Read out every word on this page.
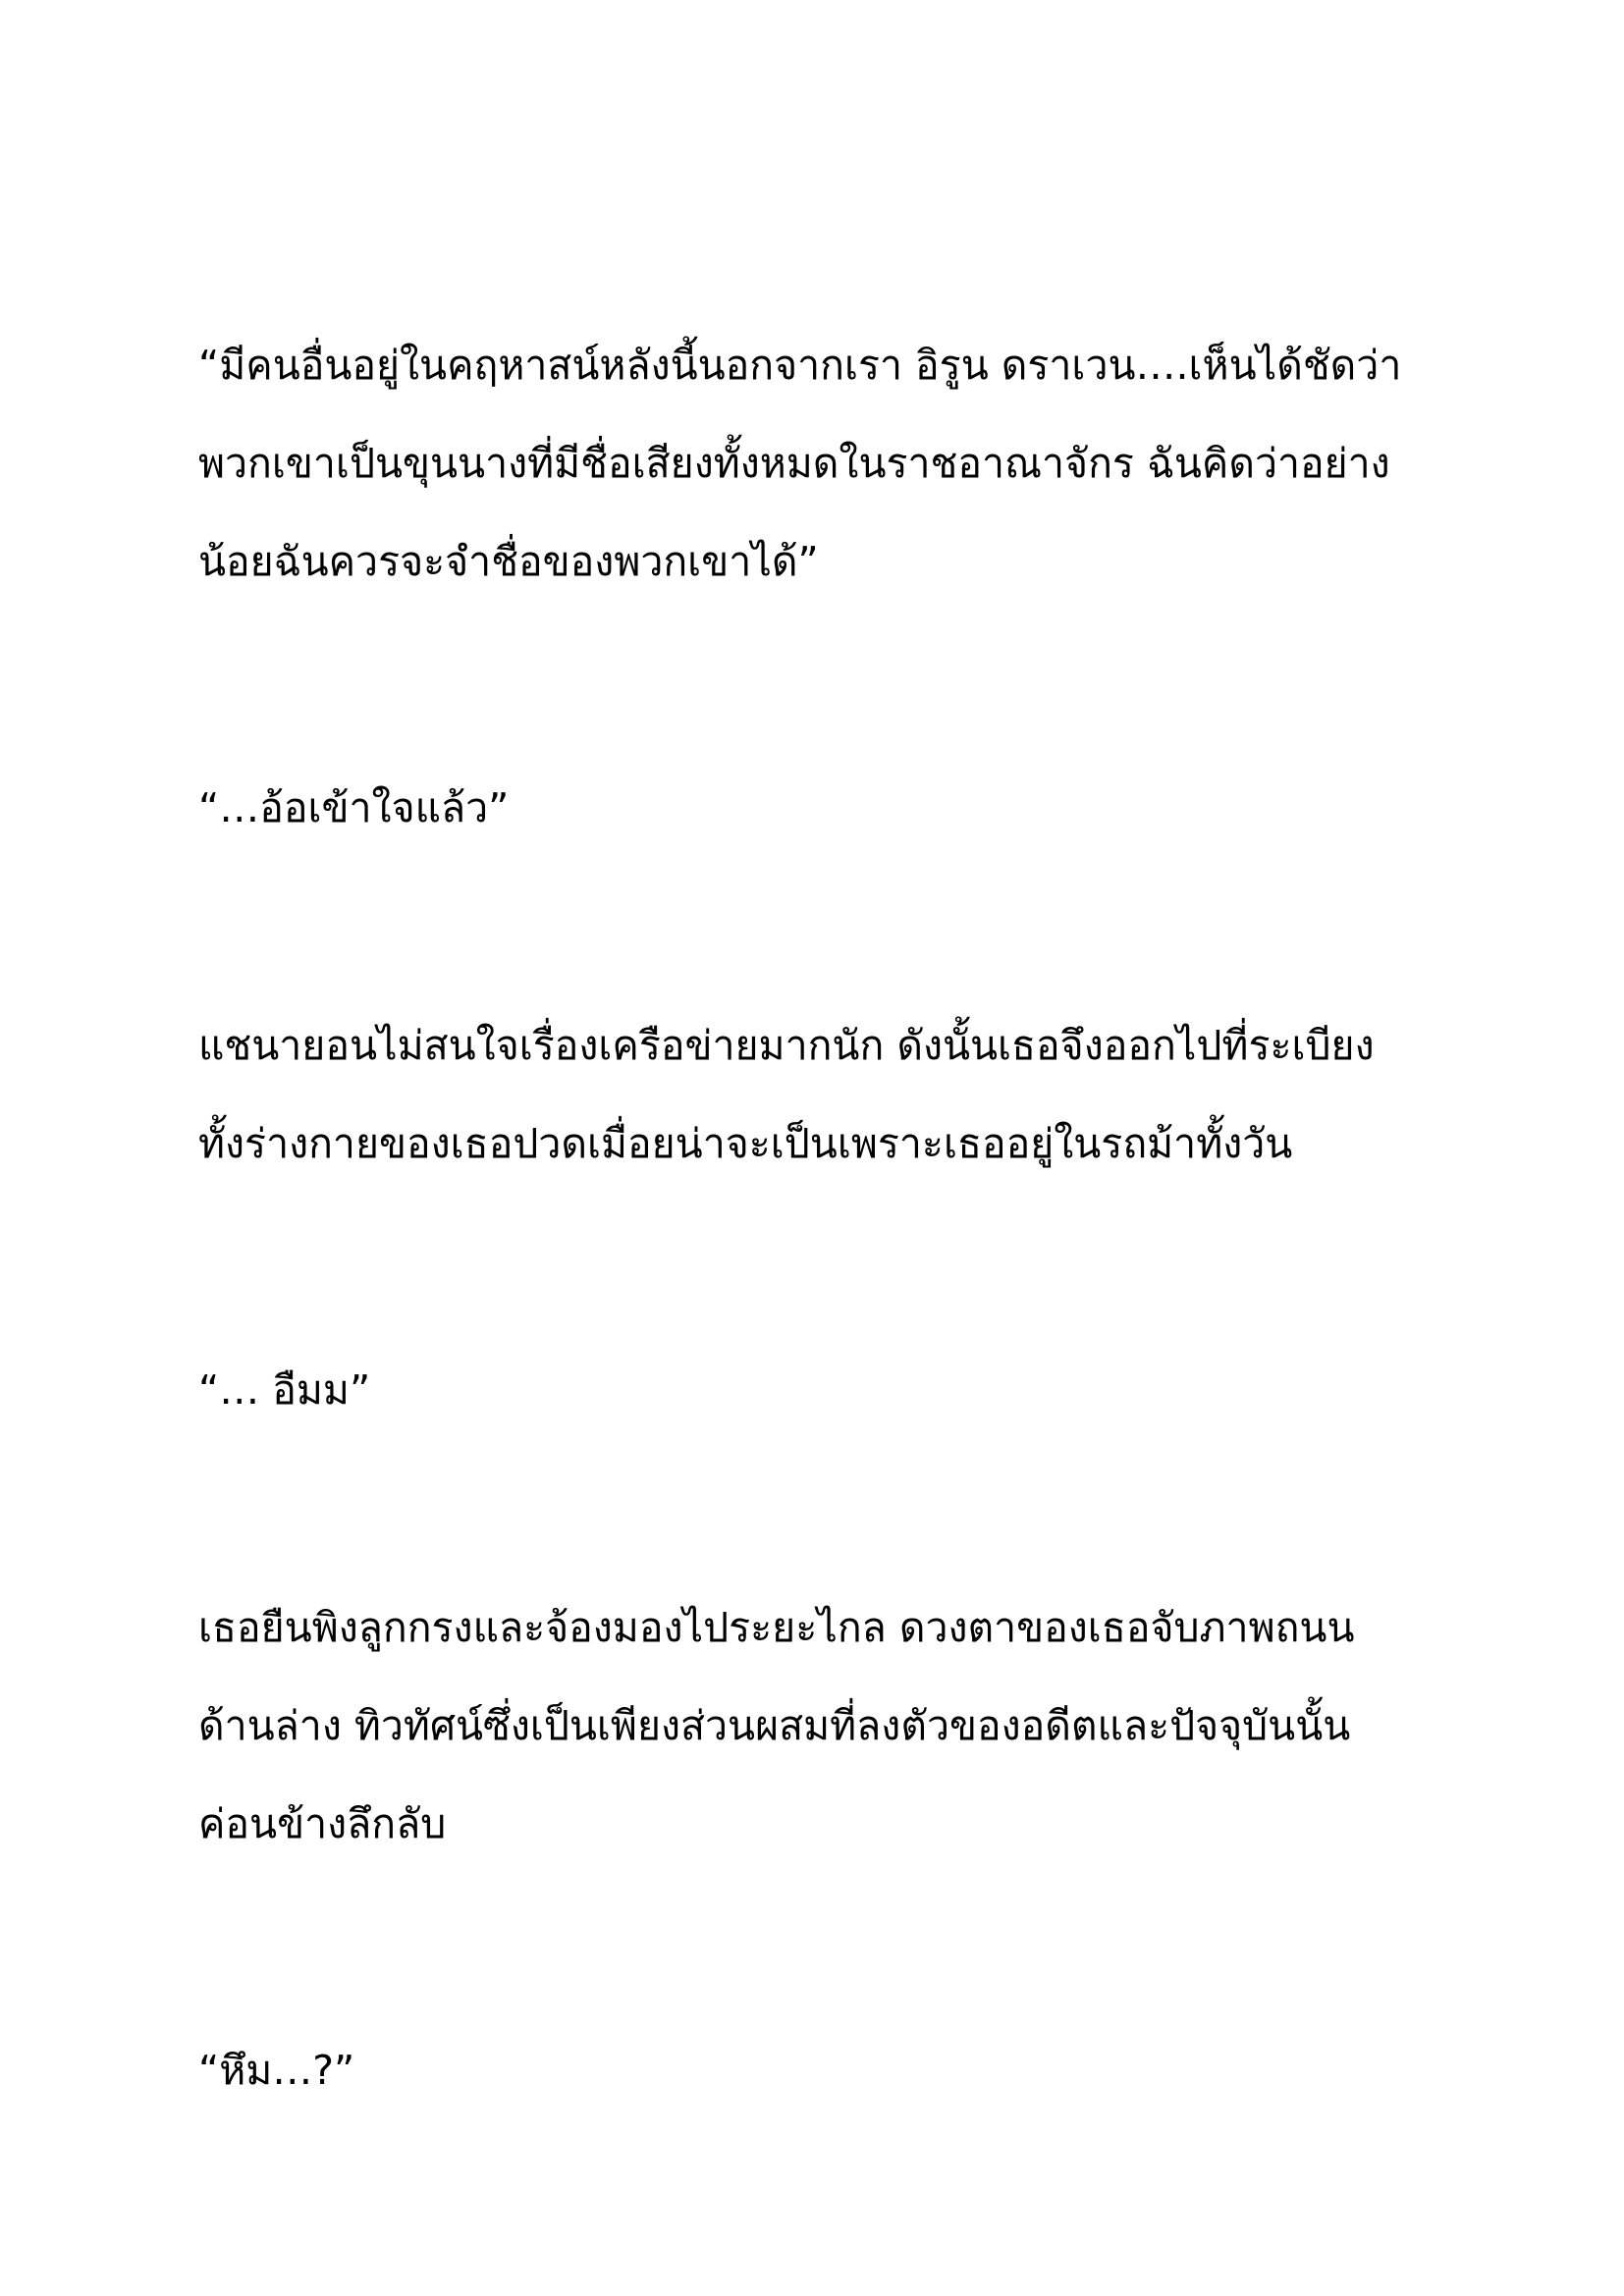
“มีคนอื่นอยู่ในคฤหาสน์หลังนี้นอกจากเรา อิรูน ดราเวน….เห็นได้ชัดว่า
พวกเขาเป็นขุนนางที่มีชื่อเสียงทั้งหมดในราชอาณาจักร ฉันคิดว่าอย่าง
น้อยฉันควรจะจำชื่อของพวกเขาได้”

“…อ้อเข้าใจแล้ว”

แชนายอนไม่สนใจเรื่องเครือข่ายมากนัก ดังนั้นเธอจึงออกไปที่ระเบียง
ทั้งร่างกายของเธอปวดเมื่อยน่าจะเป็นเพราะเธออยู่ในรถม้าทั้งวัน

“… อืมม”

เธอยืนพิงลูกกรงและจ้องมองไประยะไกล ดวงตาของเธอจับภาพถนน
ด้านล่าง ทิวทัศน์ซึ่งเป็นเพียงส่วนผสมที่ลงตัวของอดีตและปัจจุบันนั้น
ค่อนข้างลึกลับ

“หึม…?”
